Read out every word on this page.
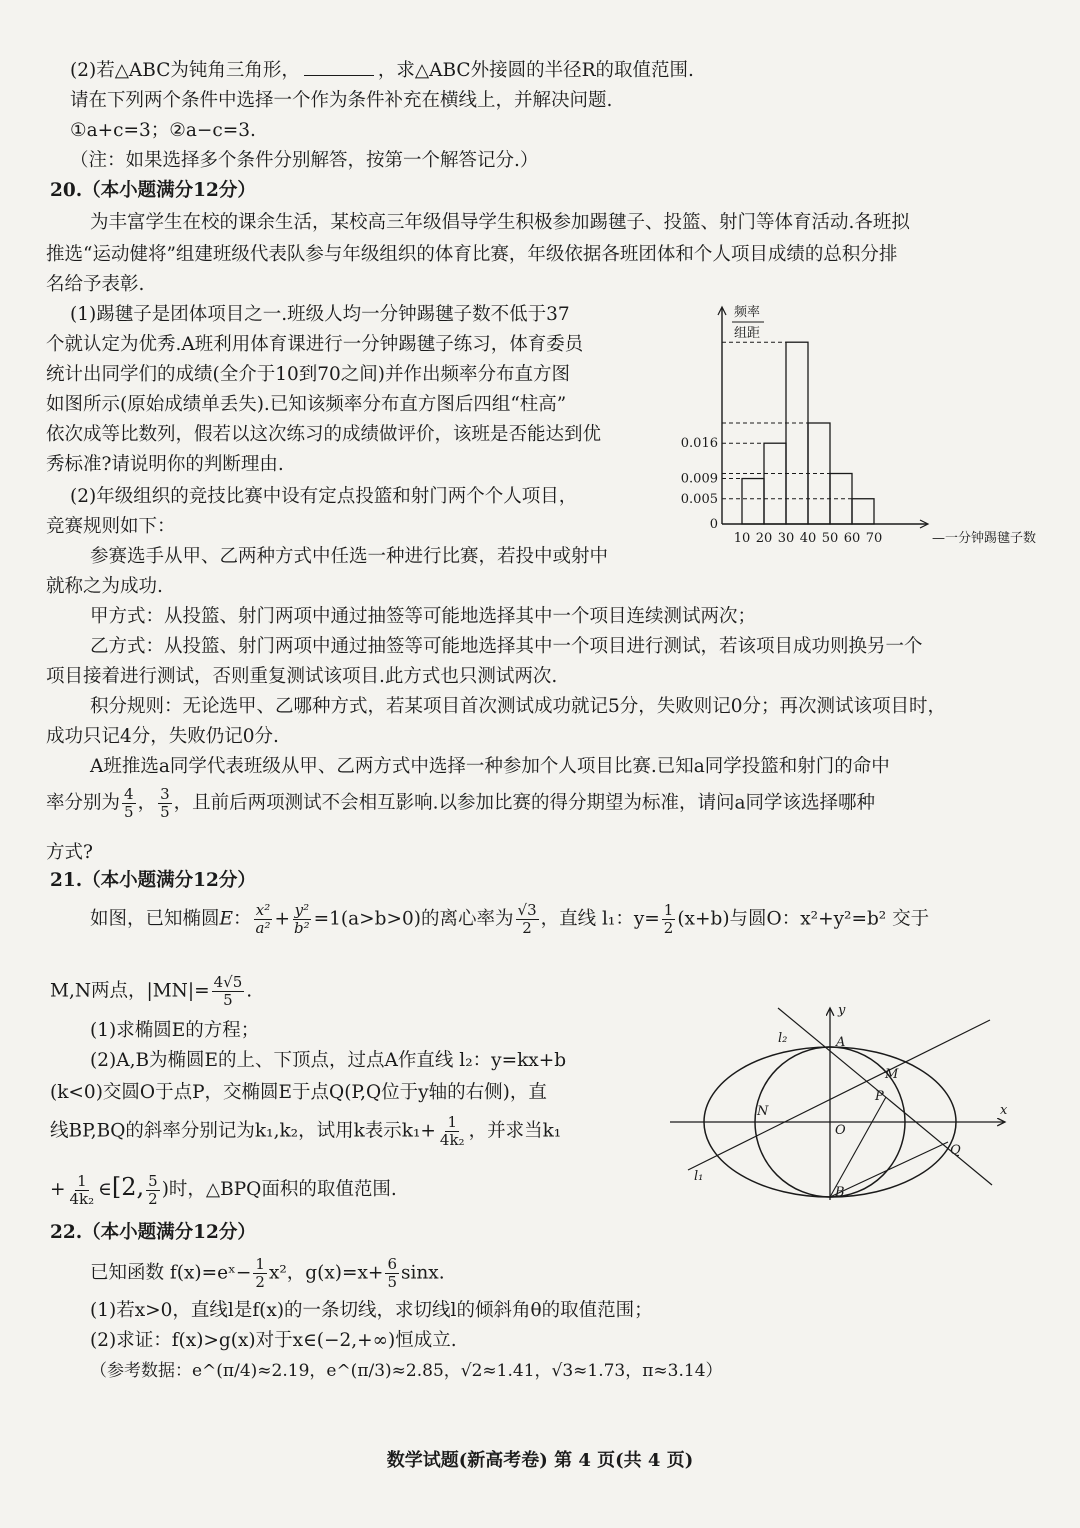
(2)若△ABC为钝角三角形，	，求△ABC外接圆的半径R的取值范围.
请在下列两个条件中选择一个作为条件补充在横线上，并解决问题.
①a+c=3；②a−c=3.
（注：如果选择多个条件分别解答，按第一个解答记分.）
20.（本小题满分12分）
为丰富学生在校的课余生活，某校高三年级倡导学生积极参加踢毽子、投篮、射门等体育活动.各班拟
推选“运动健将”组建班级代表队参与年级组织的体育比赛，年级依据各班团体和个人项目成绩的总积分排
名给予表彰.
(1)踢毽子是团体项目之一.班级人均一分钟踢毽子数不低于37
个就认定为优秀.A班利用体育课进行一分钟踢毽子练习，体育委员
统计出同学们的成绩(全介于10到70之间)并作出频率分布直方图
如图所示(原始成绩单丢失).已知该频率分布直方图后四组“柱高”
依次成等比数列，假若以这次练习的成绩做评价，该班是否能达到优
秀标准?请说明你的判断理由.
(2)年级组织的竞技比赛中设有定点投篮和射门两个个人项目，
竞赛规则如下：
参赛选手从甲、乙两种方式中任选一种进行比赛，若投中或射中
就称之为成功.
甲方式：从投篮、射门两项中通过抽签等可能地选择其中一个项目连续测试两次；
乙方式：从投篮、射门两项中通过抽签等可能地选择其中一个项目进行测试，若该项目成功则换另一个
项目接着进行测试，否则重复测试该项目.此方式也只测试两次.
积分规则：无论选甲、乙哪种方式，若某项目首次测试成功就记5分，失败则记0分；再次测试该项目时，
成功只记4分，失败仍记0分.
A班推选a同学代表班级从甲、乙两方式中选择一种参加个人项目比赛.已知a同学投篮和射门的命中
率分别为 $\frac{4}{5}$ ， $\frac{3}{5}$ ，且前后两项测试不会相互影响.以参加比赛的得分期望为标准，请问a同学该选择哪种
方式?
0
0.005
0.009
0.016
10 20 30 40 50 60 70
频率
组距
—一分钟踢毽子数
21.（本小题满分12分）
如图，已知椭圆E： $\frac{\text{x²}}{\text{a²}} + \frac{\text{y²}}{\text{b²}} =1(a>b>0)$的离心率为 $\frac{√3}{2}$ ，直线 l₁：$y= \frac{1}{2} (x+b)$与圆O：x²+y²=b² 交于
M,N两点，$|MN|= \frac{4√5}{5}$ .
(1)求椭圆E的方程；
(2)A,B为椭圆E的上、下顶点，过点A作直线 l₂：y=kx+b
(k<0)交圆O于点P，交椭圆E于点Q(P,Q位于y轴的右侧)，直
线BP,BQ的斜率分别记为k₁,k₂，试用k表示$k_1+ \frac{1}{\text{4k₂}}$ ，并求当k₁
+ $\frac{1}{\text{4k₂}}$ ∈[2, $\frac{5}{2}$ )时，△BPQ面积的取值范围.
y
x
A
B
O
M
N
P
Q
l₁
l₂
22.（本小题满分12分）
已知函数 f(x)=eˣ− $\frac{1}{2} x^2$，$g(x)=x+ \frac{6}{5} \sin x$.
(1)若x>0，直线l是f(x)的一条切线，求切线l的倾斜角θ的取值范围；
(2)求证：f(x)>g(x)对于x∈(−2,+∞)恒成立.
（参考数据：e^(π/4)≈2.19，e^(π/3)≈2.85，√2≈1.41，√3≈1.73，π≈3.14）
数学试题(新高考卷) 第 4 页(共 4 页)
